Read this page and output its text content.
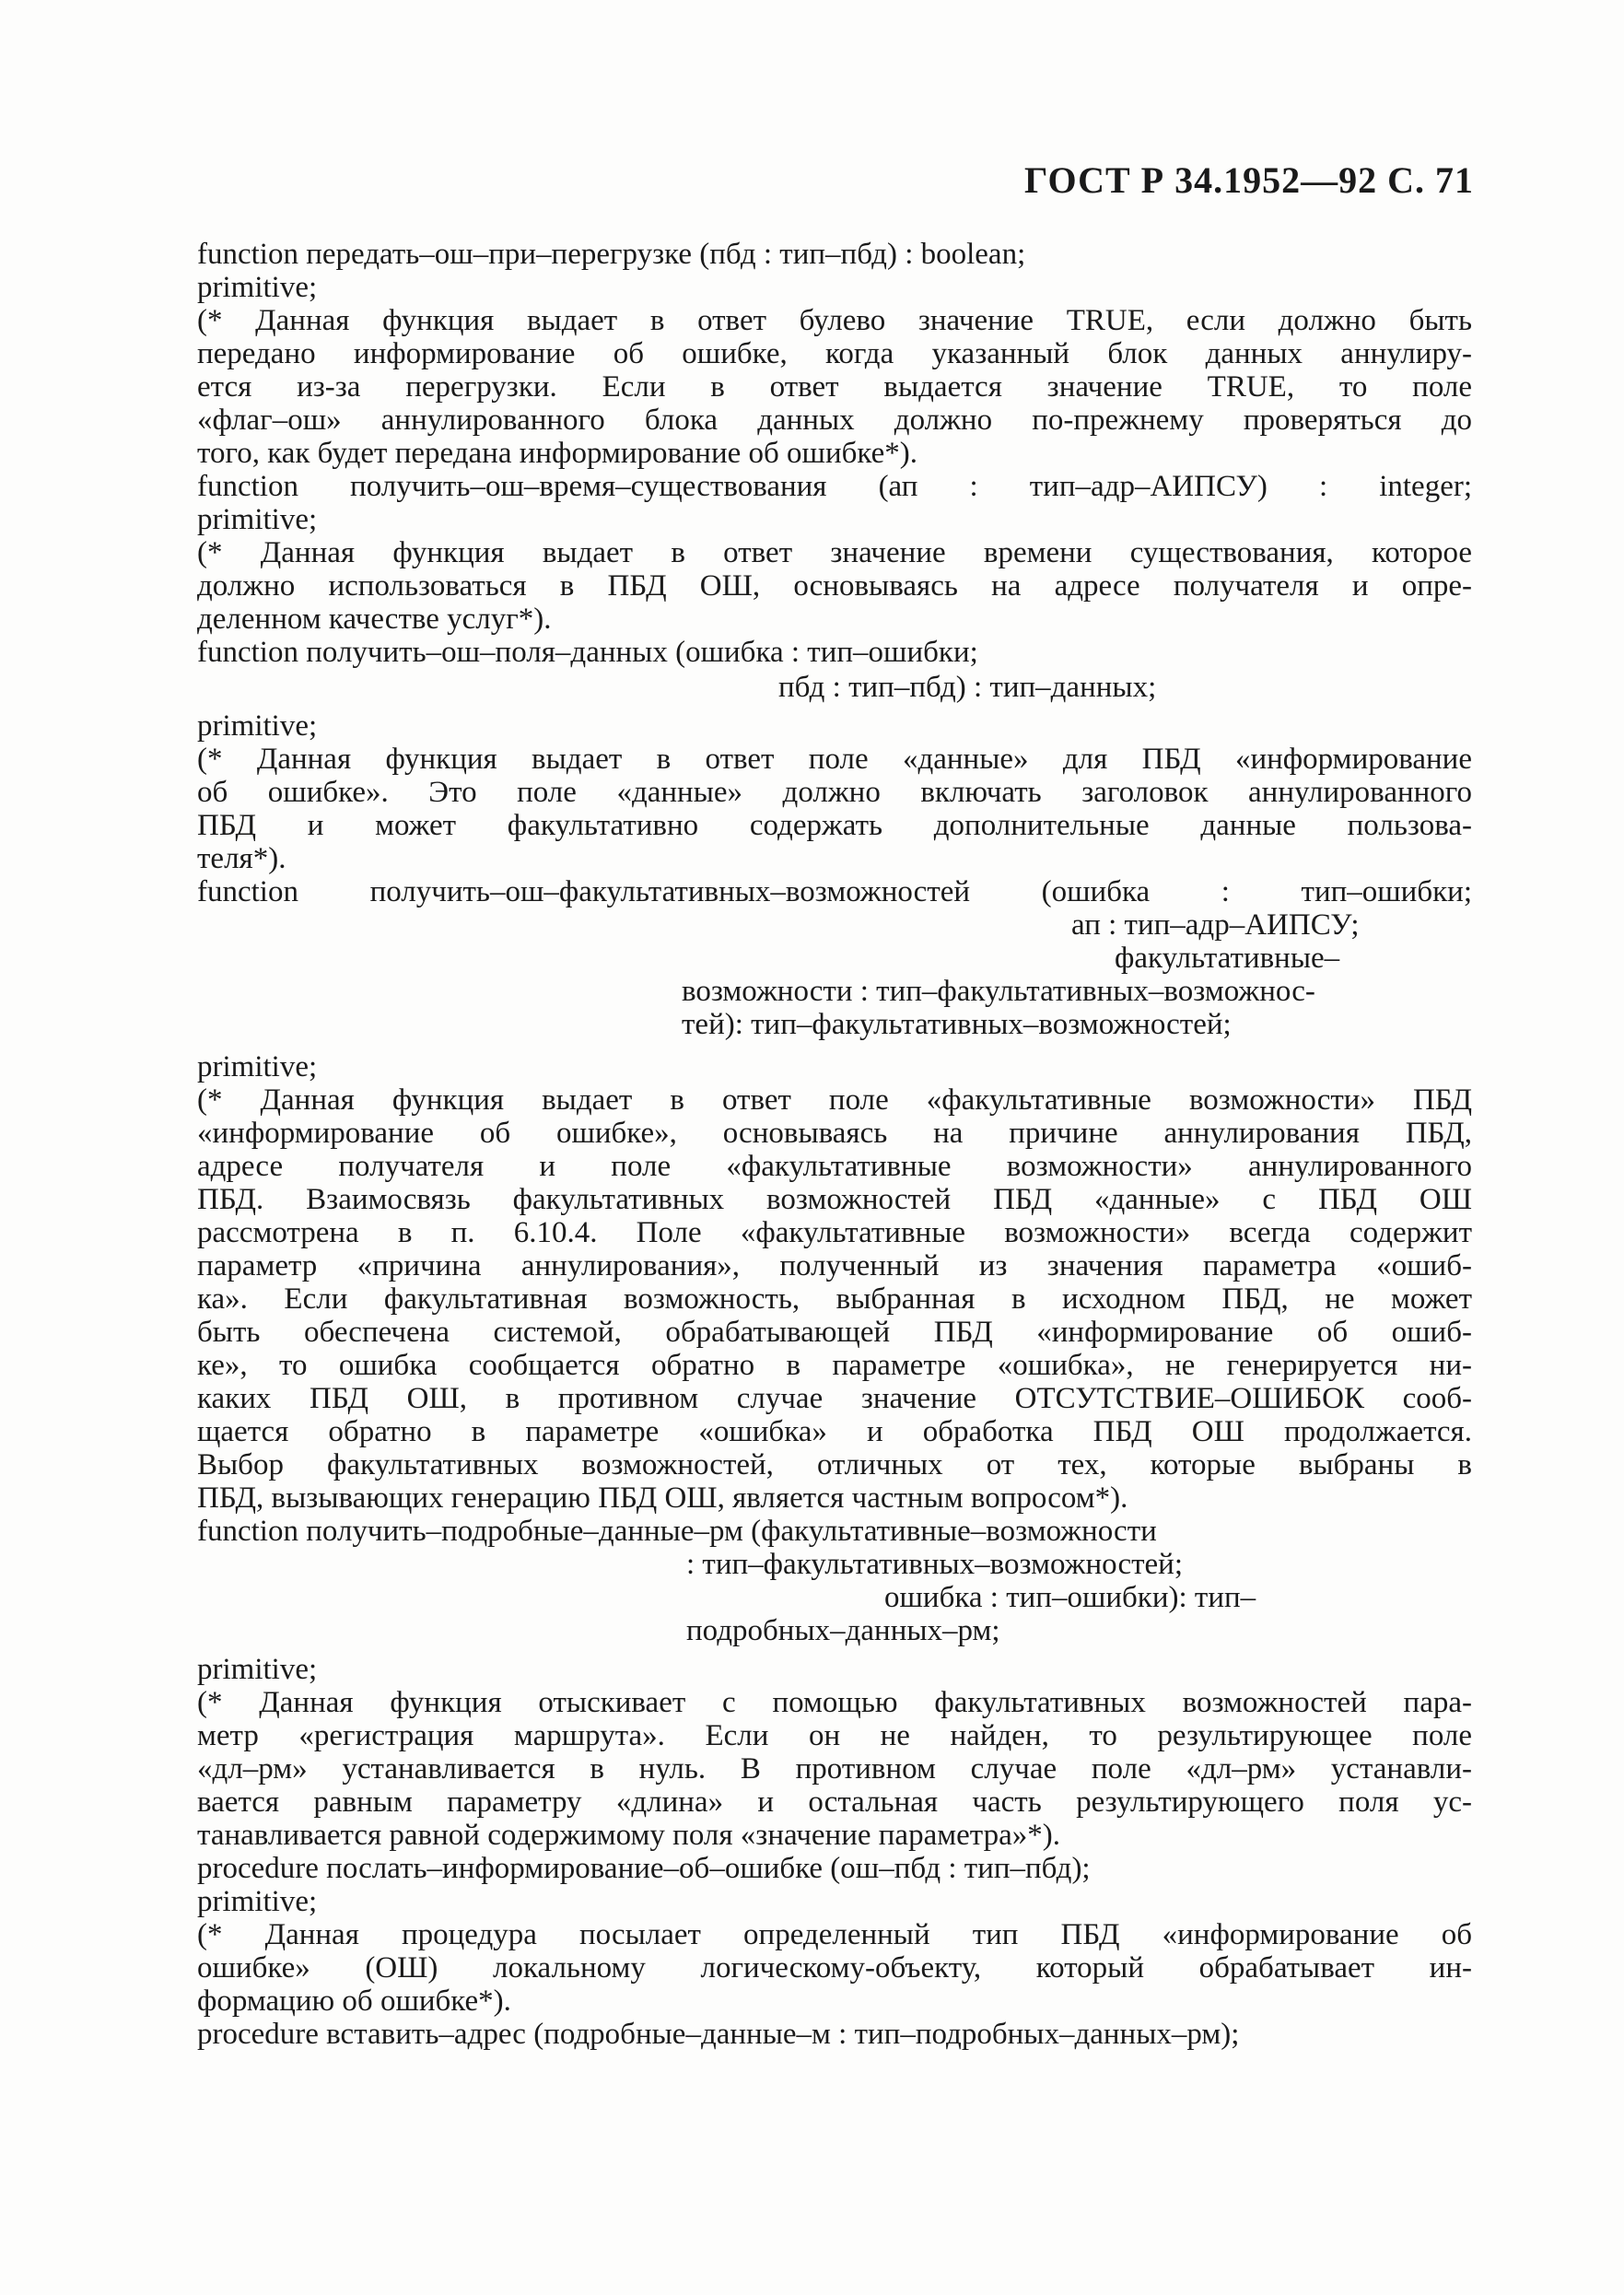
ГОСТ Р 34.1952—92 С. 71
function передать–ош–при–перегрузке (пбд : тип–пбд) : boolean;
primitive;
(* Данная функция выдает в ответ булево значение TRUE, если должно быть
передано информирование об ошибке, когда указанный блок данных аннулиру-
ется из-за перегрузки. Если в ответ выдается значение TRUE, то поле
«флаг–ош» аннулированного блока данных должно по-прежнему проверяться до
того, как будет передана информирование об ошибке*).
function получить–ош–время–существования (ап : тип–адр–АИПСУ) : integer;
primitive;
(* Данная функция выдает в ответ значение времени существования, которое
должно использоваться в ПБД ОШ, основываясь на адресе получателя и опре-
деленном качестве услуг*).
function получить–ош–поля–данных (ошибка : тип–ошибки;
пбд : тип–пбд) : тип–данных;
primitive;
(* Данная функция выдает в ответ поле «данные» для ПБД «информирование
об ошибке». Это поле «данные» должно включать заголовок аннулированного
ПБД и может факультативно содержать дополнительные данные пользова-
теля*).
function получить–ош–факультативных–возможностей (ошибка : тип–ошибки;
ап : тип–адр–АИПСУ;
факультативные–
возможности : тип–факультативных–возможнос-
тей): тип–факультативных–возможностей;
primitive;
(* Данная функция выдает в ответ поле «факультативные возможности» ПБД
«информирование об ошибке», основываясь на причине аннулирования ПБД,
адресе получателя и поле «факультативные возможности» аннулированного
ПБД. Взаимосвязь факультативных возможностей ПБД «данные» с ПБД ОШ
рассмотрена в п. 6.10.4. Поле «факультативные возможности» всегда содержит
параметр «причина аннулирования», полученный из значения параметра «ошиб-
ка». Если факультативная возможность, выбранная в исходном ПБД, не может
быть обеспечена системой, обрабатывающей ПБД «информирование об ошиб-
ке», то ошибка сообщается обратно в параметре «ошибка», не генерируется ни-
каких ПБД ОШ, в противном случае значение ОТСУТСТВИЕ–ОШИБОК сооб-
щается обратно в параметре «ошибка» и обработка ПБД ОШ продолжается.
Выбор факультативных возможностей, отличных от тех, которые выбраны в
ПБД, вызывающих генерацию ПБД ОШ, является частным вопросом*).
function получить–подробные–данные–рм (факультативные–возможности
: тип–факультативных–возможностей;
ошибка : тип–ошибки): тип–
подробных–данных–рм;
primitive;
(* Данная функция отыскивает с помощью факультативных возможностей пара-
метр «регистрация маршрута». Если он не найден, то результирующее поле
«дл–рм» устанавливается в нуль. В противном случае поле «дл–рм» устанавли-
вается равным параметру «длина» и остальная часть результирующего поля ус-
танавливается равной содержимому поля «значение параметра»*).
procedure послать–информирование–об–ошибке (ош–пбд : тип–пбд);
primitive;
(* Данная процедура посылает определенный тип ПБД «информирование об
ошибке» (ОШ) локальному логическому-объекту, который обрабатывает ин-
формацию об ошибке*).
procedure вставить–адрес (подробные–данные–м : тип–подробных–данных–рм);
